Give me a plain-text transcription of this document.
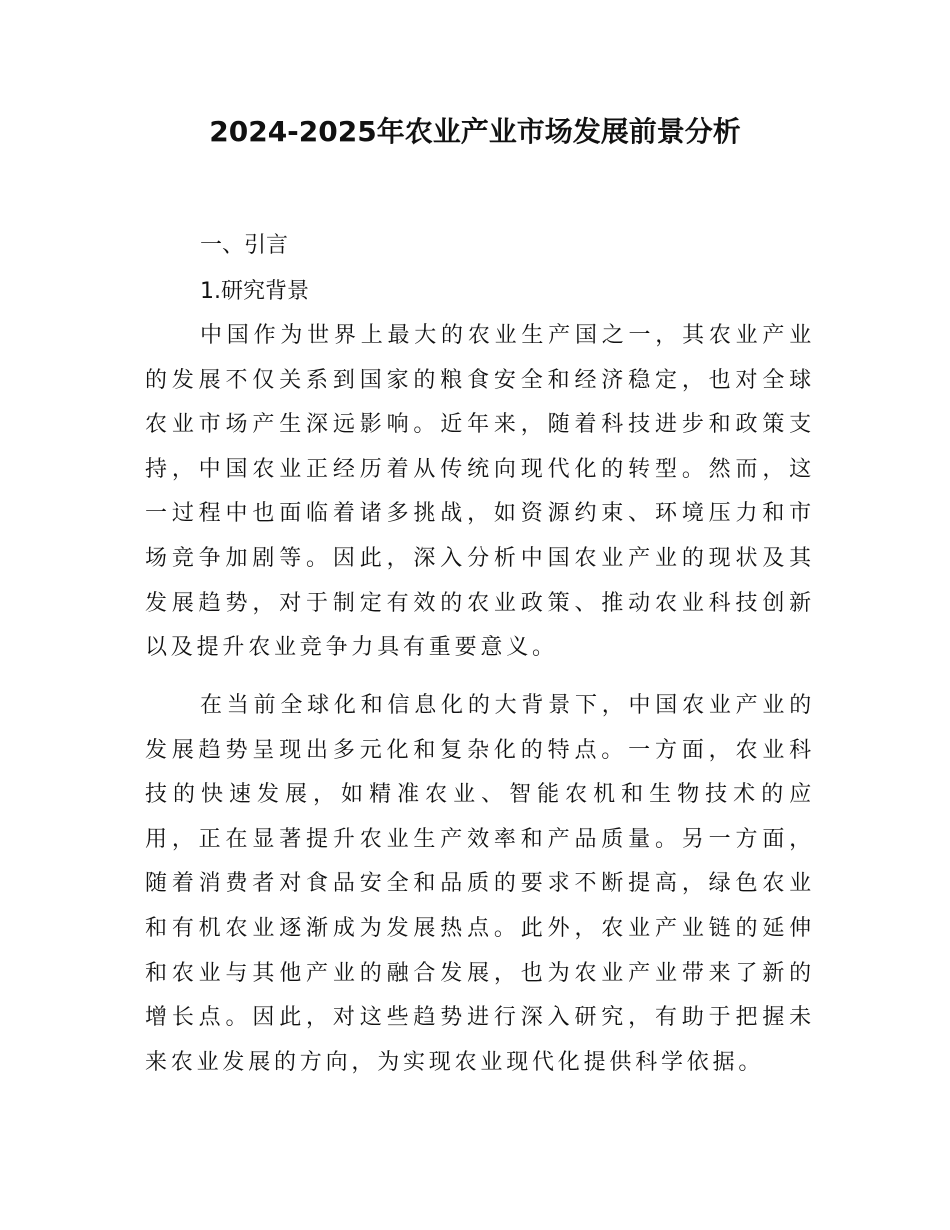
2024-2025年农业产业市场发展前景分析

一、引言

1.研究背景

中国作为世界上最大的农业生产国之一，其农业产业的发展不仅关系到国家的粮食安全和经济稳定，也对全球农业市场产生深远影响。近年来，随着科技进步和政策支持，中国农业正经历着从传统向现代化的转型。然而，这一过程中也面临着诸多挑战，如资源约束、环境压力和市场竞争加剧等。因此，深入分析中国农业产业的现状及其发展趋势，对于制定有效的农业政策、推动农业科技创新以及提升农业竞争力具有重要意义。

在当前全球化和信息化的大背景下，中国农业产业的发展趋势呈现出多元化和复杂化的特点。一方面，农业科技的快速发展，如精准农业、智能农机和生物技术的应用，正在显著提升农业生产效率和产品质量。另一方面，随着消费者对食品安全和品质的要求不断提高，绿色农业和有机农业逐渐成为发展热点。此外，农业产业链的延伸和农业与其他产业的融合发展，也为农业产业带来了新的增长点。因此，对这些趋势进行深入研究，有助于把握未来农业发展的方向，为实现农业现代化提供科学依据。
